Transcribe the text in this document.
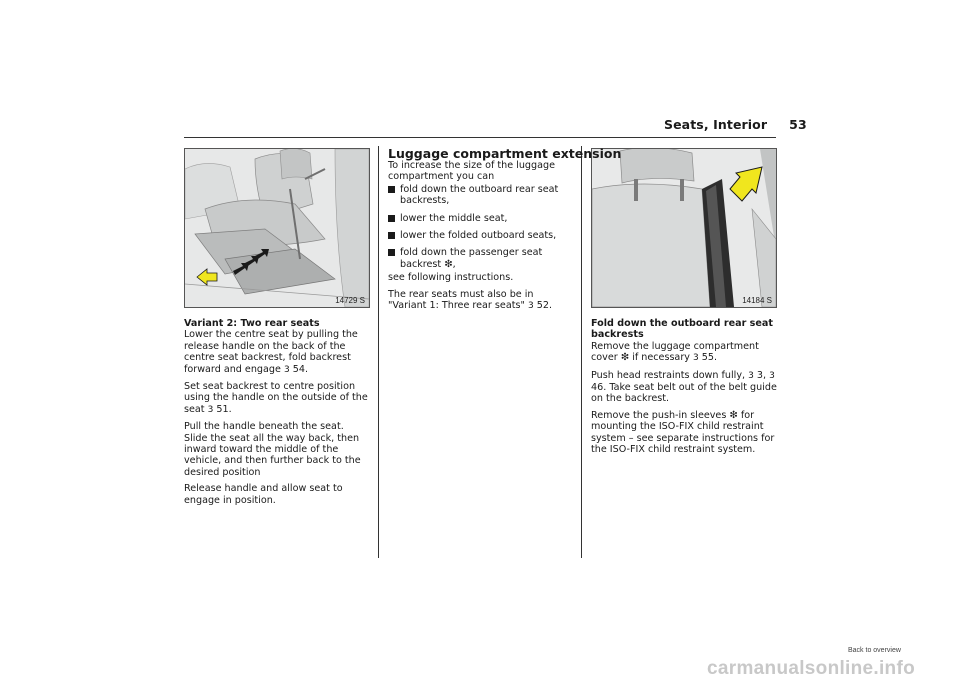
Seats, Interior 53
14729 S	14184 S

Variant 2: Two rear seats
Lower the centre seat by pulling the release handle on the back of the centre seat backrest, fold backrest forward and engage 3 54.

Set seat backrest to centre position using the handle on the outside of the seat 3 51.

Pull the handle beneath the seat. Slide the seat all the way back, then inward toward the middle of the vehicle, and then further back to the desired position

Release handle and allow seat to engage in position.

Luggage compartment extension

To increase the size of the luggage compartment you can

fold down the outboard rear seat backrests,
lower the middle seat,
lower the folded outboard seats,
fold down the passenger seat backrest ❇,

see following instructions.

The rear seats must also be in "Variant 1: Three rear seats" 3 52.

Fold down the outboard rear seat backrests
Remove the luggage compartment cover ❇ if necessary 3 55.

Push head restraints down fully, 3 3, 3 46. Take seat belt out of the belt guide on the backrest.

Remove the push-in sleeves ❇ for mounting the ISO-FIX child restraint system – see separate instructions for the ISO-FIX child restraint system.

Back to overview
carmanualsonline.info
